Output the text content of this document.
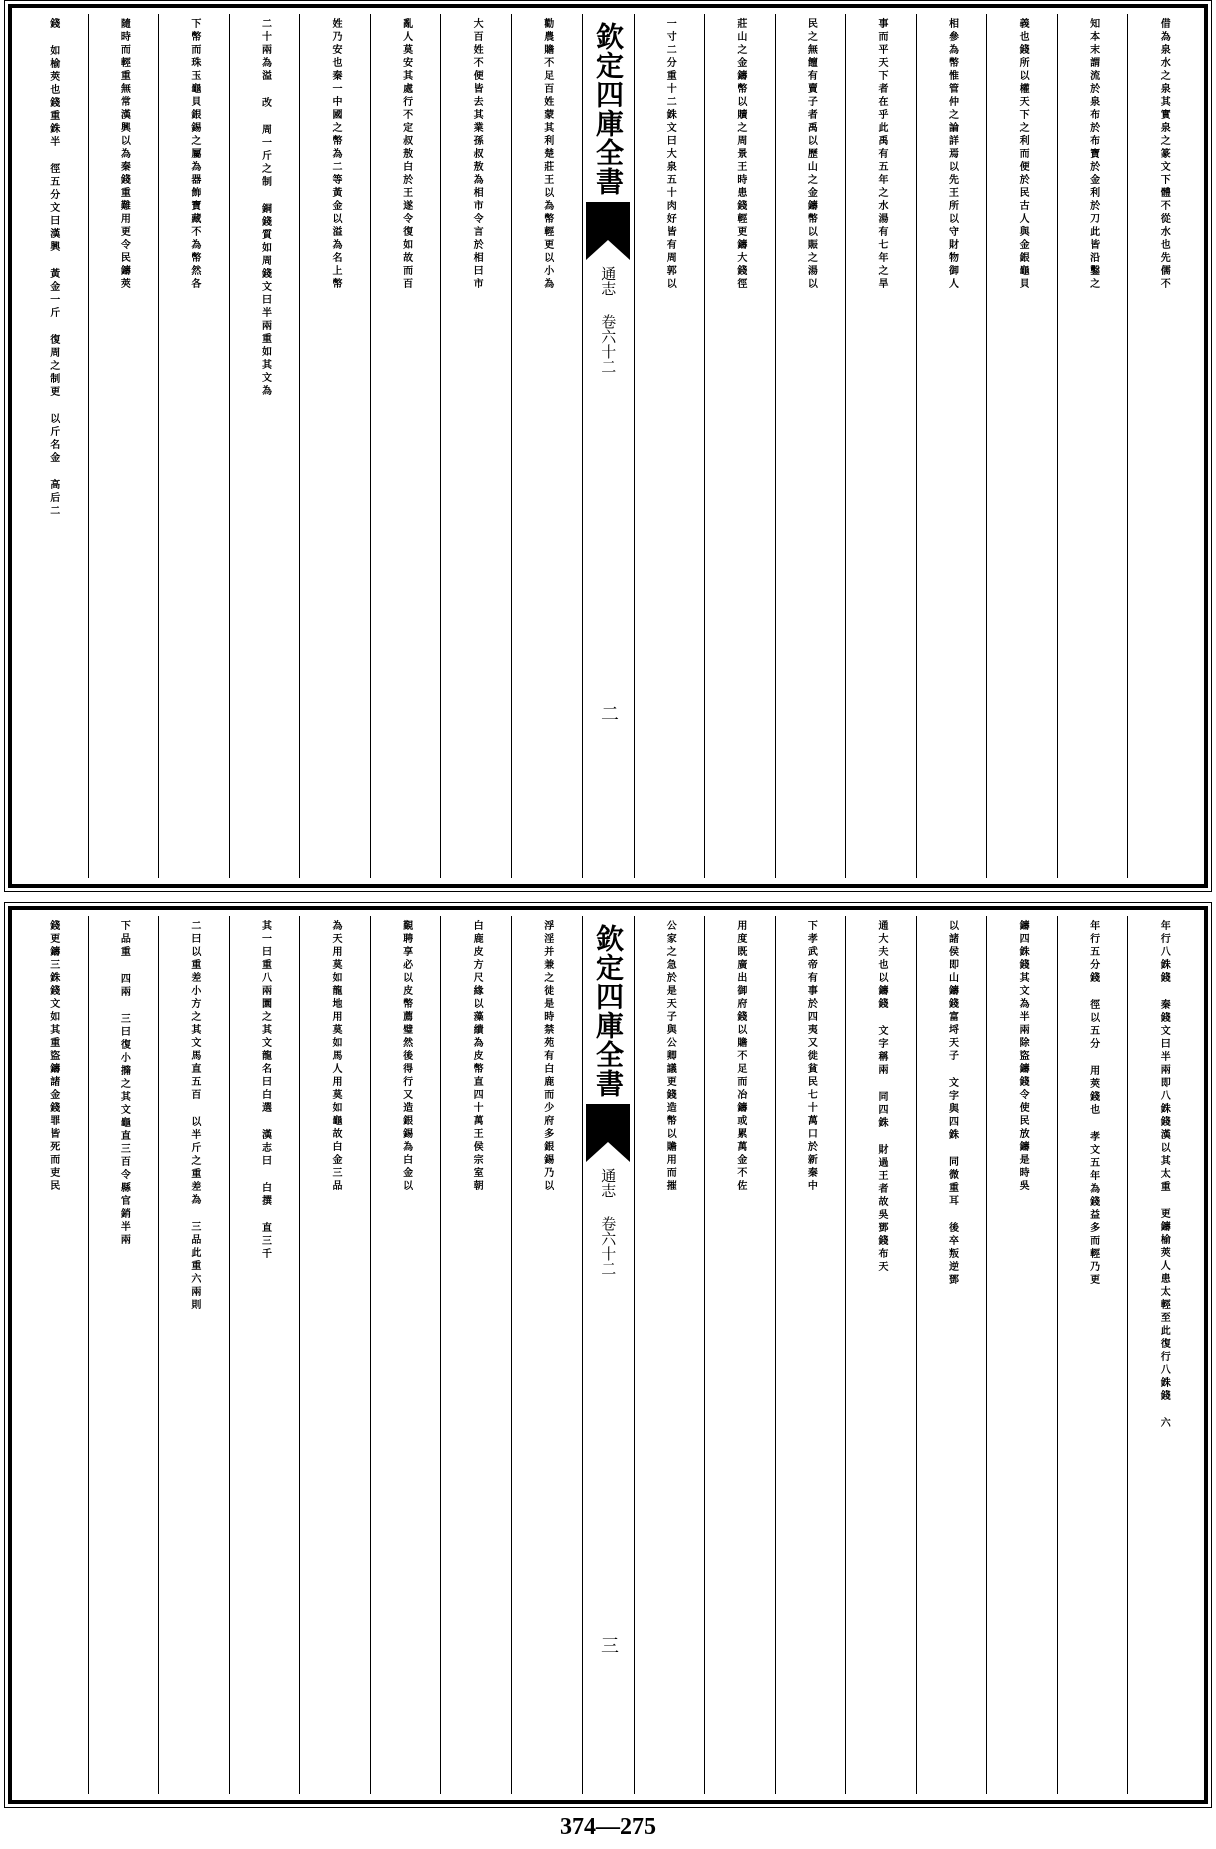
借為泉水之泉其實泉之篆文下體不從水也先儒不
知本末謂流於泉布於布寶於金利於刀此皆沿鑿之
義也錢所以權天下之利而便於民古人與金銀龜貝
相參為幣惟管仲之論詳焉以先王所以守財物御人
事而平天下者在乎此禹有五年之水湯有七年之旱
民之無饘有賣子者禹以歷山之金鑄幣以賑之湯以
莊山之金鑄幣以贖之周景王時患錢輕更鑄大錢徑
一寸二分重十二銖文曰大泉五十肉好皆有周郭以
欽定四庫全書
通志 卷六十二
二
勸農贍不足百姓蒙其利楚莊王以為幣輕更以小為
大百姓不便皆去其業孫叔敖為相市令言於相曰市
亂人莫安其處行不定叔敖白於王遂令復如故而百
姓乃安也秦一中國之幣為二等黃金以溢為名上幣
二十兩為溢 改 周一斤之制 銅錢質如周錢文曰半兩重如其文為
下幣而珠玉龜貝銀錫之屬為器飾寶藏不為幣然各
隨時而輕重無常漢興以為秦錢重難用更令民鑄莢
錢 如榆莢也錢重銖半 徑五分文曰漢興 黃金一斤 復周之制更 以斤名金 高后二
年行八銖錢 秦錢文曰半兩即八銖錢漢以其太重 更鑄榆莢人患太輕至此復行八銖錢 六
年行五分錢 徑以五分 用莢錢也 孝文五年為錢益多而輕乃更
鑄四銖錢其文為半兩除盜鑄錢令使民放鑄是時吳
以諸侯即山鑄錢富埒天子 文字與四銖 同微重耳 後卒叛逆鄧
通大夫也以鑄錢 文字稱兩 同四銖 財過王者故吳鄧錢布天
下孝武帝有事於四夷又徙貧民七十萬口於新秦中
用度既廣出御府錢以贍不足而冶鑄或累萬金不佐
公家之急於是天子與公卿議更錢造幣以贍用而摧
欽定四庫全書
通志 卷六十二
三
浮淫并兼之徒是時禁苑有白鹿而少府多銀錫乃以
白鹿皮方尺緣以藻繢為皮幣直四十萬王侯宗室朝
覲聘享必以皮幣薦璧然後得行又造銀錫為白金以
為天用莫如龍地用莫如馬人用莫如龜故白金三品
其一曰重八兩圜之其文龍名曰白選 漢志曰 白撰 直三千
二曰以重差小方之其文馬直五百 以半斤之重差為 三品此重六兩則
下品重 四兩 三曰復小撱之其文龜直三百令縣官銷半兩
錢更鑄三銖錢文如其重盜鑄諸金錢罪皆死而吏民
374—275
